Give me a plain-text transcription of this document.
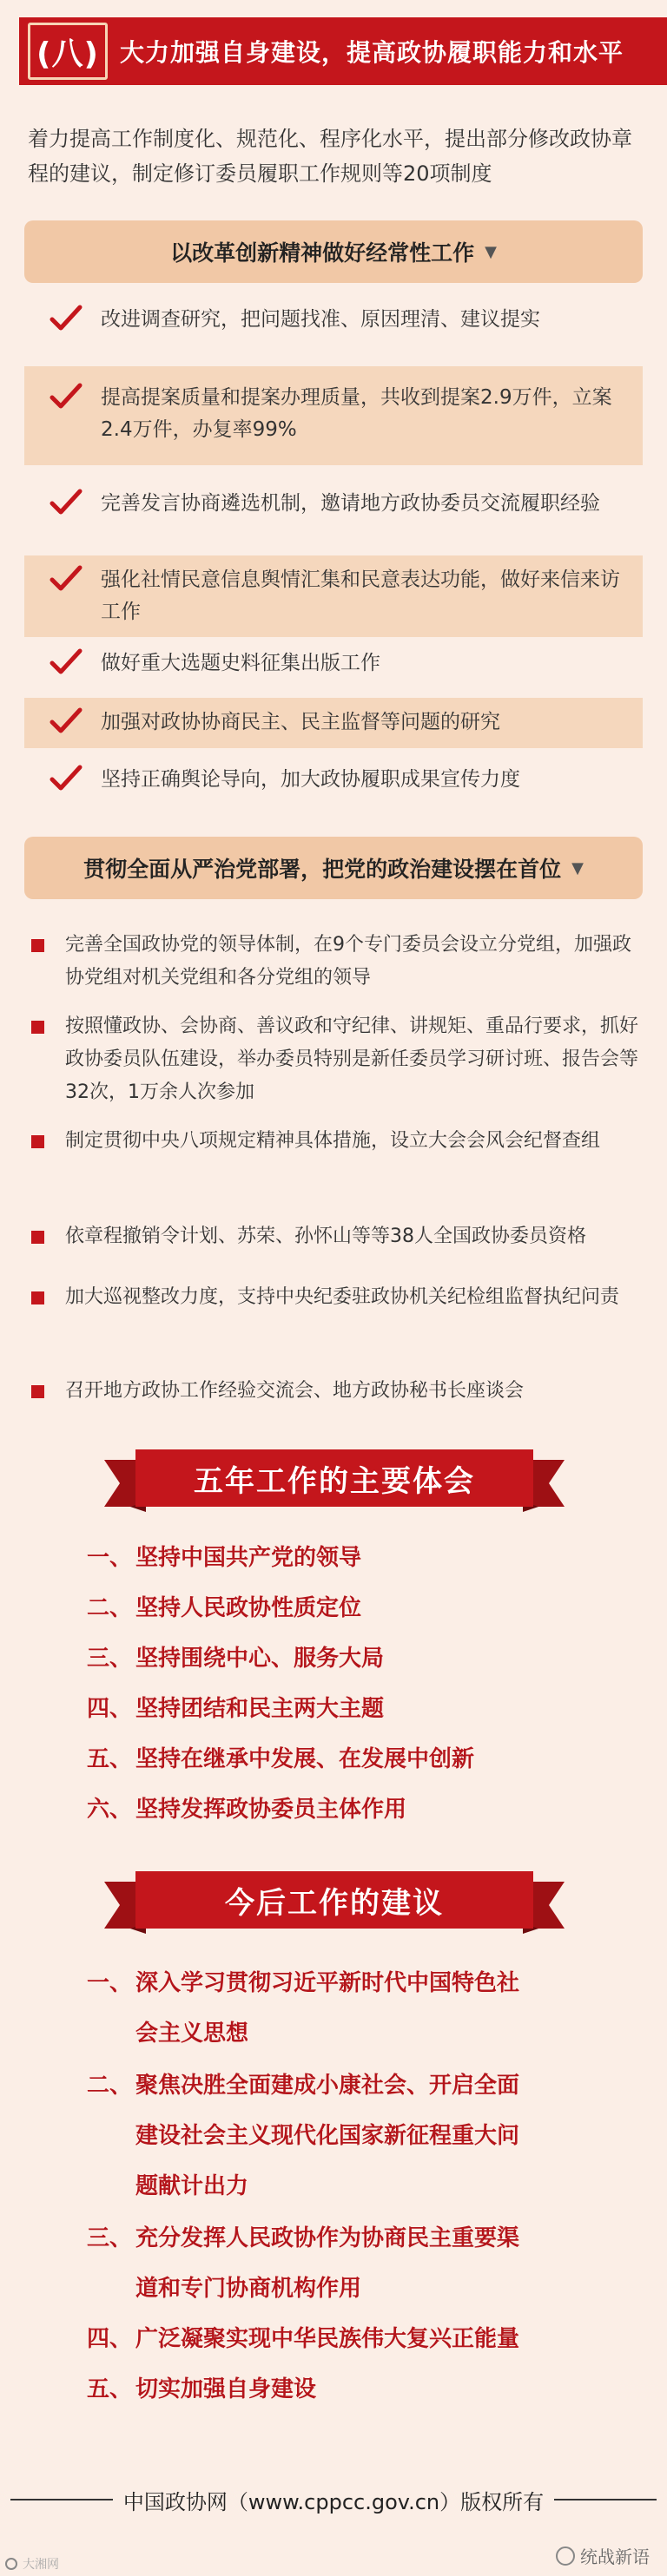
(八) 大力加强自身建设，提高政协履职能力和水平
着力提高工作制度化、规范化、程序化水平，提出部分修改政协章程的建议，制定修订委员履职工作规则等20项制度
以改革创新精神做好经常性工作 ▼
改进调查研究，把问题找准、原因理清、建议提实
提高提案质量和提案办理质量，共收到提案2.9万件，立案2.4万件，办复率99%
完善发言协商遴选机制，邀请地方政协委员交流履职经验
强化社情民意信息舆情汇集和民意表达功能，做好来信来访工作
做好重大选题史料征集出版工作
加强对政协协商民主、民主监督等问题的研究
坚持正确舆论导向，加大政协履职成果宣传力度
贯彻全面从严治党部署，把党的政治建设摆在首位 ▼
完善全国政协党的领导体制，在9个专门委员会设立分党组，加强政协党组对机关党组和各分党组的领导
按照懂政协、会协商、善议政和守纪律、讲规矩、重品行要求，抓好政协委员队伍建设，举办委员特别是新任委员学习研讨班、报告会等32次，1万余人次参加
制定贯彻中央八项规定精神具体措施，设立大会会风会纪督查组
依章程撤销令计划、苏荣、孙怀山等等38人全国政协委员资格
加大巡视整改力度，支持中央纪委驻政协机关纪检组监督执纪问责
召开地方政协工作经验交流会、地方政协秘书长座谈会
五年工作的主要体会
一、 坚持中国共产党的领导
二、 坚持人民政协性质定位
三、 坚持围绕中心、服务大局
四、 坚持团结和民主两大主题
五、 坚持在继承中发展、在发展中创新
六、 坚持发挥政协委员主体作用
今后工作的建议
一、 深入学习贯彻习近平新时代中国特色社
会主义思想
二、 聚焦决胜全面建成小康社会、开启全面
建设社会主义现代化国家新征程重大问
题献计出力
三、 充分发挥人民政协作为协商民主重要渠
道和专门协商机构作用
四、 广泛凝聚实现中华民族伟大复兴正能量
五、 切实加强自身建设
中国政协网（www.cppcc.gov.cn）版权所有
大湘网	统战新语
